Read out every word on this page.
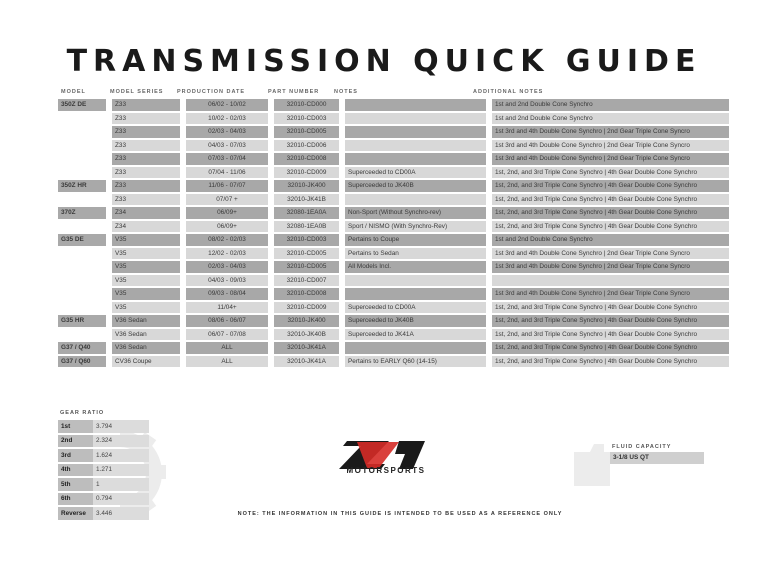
TRANSMISSION QUICK GUIDE
MODEL	MODEL SERIES PRODUCTION DATE	PART NUMBER	NOTES	ADDITIONAL NOTES
350Z DE		Z33		06/02 - 10/02		32010-CD000				1st and 2nd Double Cone Synchro
		Z33		10/02 - 02/03		32010-CD003				1st and 2nd Double Cone Synchro
		Z33		02/03 - 04/03		32010-CD005				1st 3rd and 4th Double Cone Synchro | 2nd Gear Triple Cone Syncro
		Z33		04/03 - 07/03		32010-CD006				1st 3rd and 4th Double Cone Synchro | 2nd Gear Triple Cone Syncro
		Z33		07/03 - 07/04		32010-CD008				1st 3rd and 4th Double Cone Synchro | 2nd Gear Triple Cone Syncro
		Z33		07/04 - 11/06		32010-CD009		Superceeded to CD00A		1st, 2nd, and 3rd Triple Cone Synchro | 4th Gear Double Cone Synchro
350Z HR		Z33		11/06 - 07/07		32010-JK400		Superceeded to JK40B		1st, 2nd, and 3rd Triple Cone Synchro | 4th Gear Double Cone Synchro
		Z33		07/07 +		32010-JK41B				1st, 2nd, and 3rd Triple Cone Synchro | 4th Gear Double Cone Synchro
370Z		Z34		06/09+		32080-1EA0A		Non-Sport (Without Synchro-rev)		1st, 2nd, and 3rd Triple Cone Synchro | 4th Gear Double Cone Synchro
		Z34		06/09+		32080-1EA0B		Sport / NISMO (With Synchro-Rev)		1st, 2nd, and 3rd Triple Cone Synchro | 4th Gear Double Cone Synchro
G35 DE		V35		08/02 - 02/03		32010-CD003		Pertains to Coupe		1st and 2nd Double Cone Synchro
		V35		12/02 - 02/03		32010-CD005		Pertains to Sedan		1st 3rd and 4th Double Cone Synchro | 2nd Gear Triple Cone Syncro
		V35		02/03 - 04/03		32010-CD005		All Models Incl.		1st 3rd and 4th Double Cone Synchro | 2nd Gear Triple Cone Syncro
		V35		04/03 - 09/03		32010-CD007				
		V35		09/03 - 08/04		32010-CD008				1st 3rd and 4th Double Cone Synchro | 2nd Gear Triple Cone Syncro
		V35		11/04+		32010-CD009		Superceeded to CD00A		1st, 2nd, and 3rd Triple Cone Synchro | 4th Gear Double Cone Synchro
G35 HR		V36 Sedan		08/06 - 06/07		32010-JK400		Superceeded to JK40B		1st, 2nd, and 3rd Triple Cone Synchro | 4th Gear Double Cone Synchro
		V36 Sedan		06/07 - 07/08		32010-JK40B		Superceeded to JK41A		1st, 2nd, and 3rd Triple Cone Synchro | 4th Gear Double Cone Synchro
G37 / Q40		V36 Sedan		ALL		32010-JK41A				1st, 2nd, and 3rd Triple Cone Synchro | 4th Gear Double Cone Synchro
G37 / Q60		CV36 Coupe		ALL		32010-JK41A		Pertains to EARLY Q60 (14-15)		1st, 2nd, and 3rd Triple Cone Synchro | 4th Gear Double Cone Synchro
GEAR RATIO
1st	3.794
2nd	2.324
3rd	1.624
4th	1.271
5th	1
6th	0.794
Reverse	3.446
MOTORSPORTS
FLUID CAPACITY
3-1/8 US QT
NOTE: THE INFORMATION IN THIS GUIDE IS INTENDED TO BE USED AS A REFERENCE ONLY
